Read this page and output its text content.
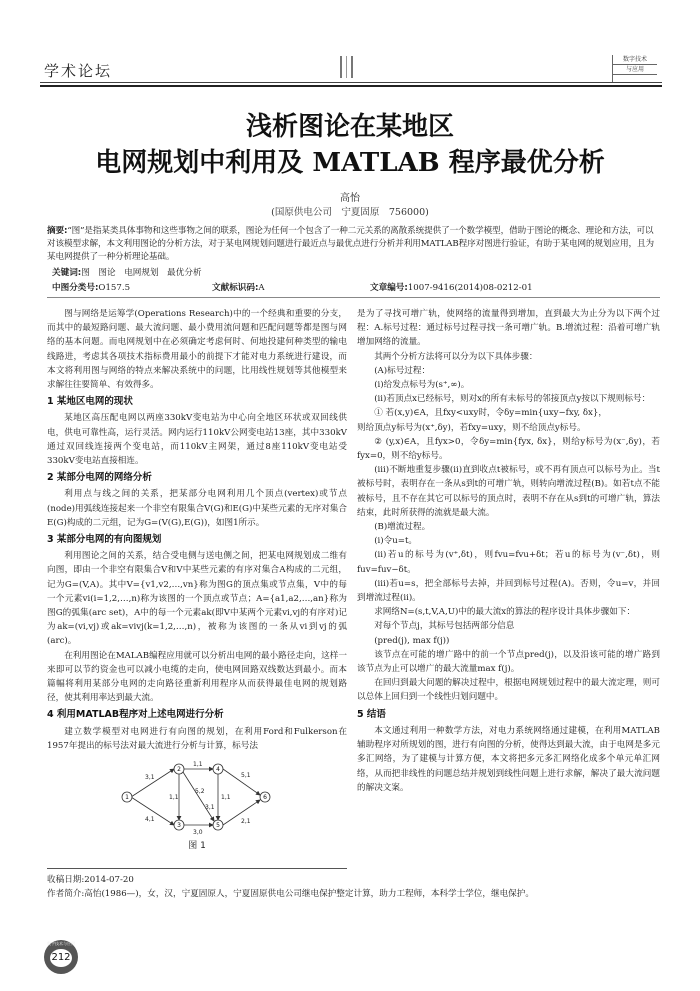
学术论坛
数字技术
与应用
浅析图论在某地区
电网规划中利用及 MATLAB 程序最优分析
高怡
(国原供电公司　宁夏固原　756000)
摘要:“图”是指某类具体事物和这些事物之间的联系，图论为任何一个包含了一种二元关系的离散系统提供了一个数学模型，借助于图论的概念、理论和方法，可以对该模型求解，本文利用图论的分析方法，对于某电网规划问题进行最近点与最优点进行分析并利用MATLAB程序对图进行验证，有助于某电网的规划应用，且为某电网提供了一种分析理论基础。
关键词:图　图论　电网规划　最优分析
中图分类号:O157.5	文献标识码:A	文章编号:1007-9416(2014)08-0212-01

图与网络是运筹学(Operations Research)中的一个经典和重要的分支，而其中的最短路问题、最大流问题、最小费用流问题和匹配问题等都是图与网络的基本问题。而电网规划中在必须确定考虑何时、何地投建何种类型的输电线路进，考虑其各项技术指标费用最小的前提下才能对电力系统进行建设，而本文将利用图与网络的特点来解决系统中的问题，比用线性规划等其他模型来求解往往要简单、有效得多。

1 某地区电网的现状

某地区高压配电网以两座330kV变电站为中心向全地区环状或双回线供电，供电可靠性高，运行灵活。网内运行110kV公网变电站13座，其中330kV通过双回线连接两个变电站，而110kV主网架，通过8座110kV变电站受330kV变电站直接相连。

2 某部分电网的网络分析

利用点与线之间的关系，把某部分电网利用几个顶点(vertex)或节点(node)用弧线连接起来一个非空有限集合V(G)和E(G)中某些元素的无序对集合E(G)构成的二元组，记为G=(V(G),E(G))，如图1所示。

3 某部分电网的有向图规划

利用图论之间的关系，结合受电侧与送电侧之间，把某电网规划成二维有向图，即由一个非空有限集合V和V中某些元素的有序对集合A构成的二元组，记为G=(V,A)。其中V={v1,v2,…,vn}称为图G的顶点集或节点集，V中的每一个元素vi(i=1,2,…,n)称为该图的一个顶点或节点；A={a1,a2,…,an}称为图G的弧集(arc set)，A中的每一个元素ak(即V中某两个元素vi,vj的有序对)记为ak=(vi,vj)或ak=vivj(k=1,2,…,n)，被称为该图的一条从vi到vj的弧(arc)。

在利用图论在MALAB编程应用就可以分析出电网的最小路径走向，这样一来即可以节约资金也可以减小电缆的走向，使电网回路双线数达到最小。而本篇幅将利用某部分电网的走向路径重新利用程序从而获得最佳电网的规划路径，使其利用率达到最大流。

4 利用MATLAB程序对上述电网进行分析

建立数学模型对电网进行有向图的规划，在利用Ford和Fulkerson在1957年提出的标号法对最大流进行分析与计算，标号法

3,1
4,1
1,1
3,0
1,1
5,2
1,1
5,1
2,1
3,1
1
2
3
4
5
6
图 1

是为了寻找可增广轨，使网络的流量得到增加，直到最大为止分为以下两个过程：A.标号过程：通过标号过程寻找一条可增广轨。B.增流过程：沿着可增广轨增加网络的流量。

其两个分析方法将可以分为以下具体步骤：

(A)标号过程：

(i)给发点标号为(s⁺,∞)。

(ii)若顶点x已经标号，则对x的所有未标号的邻接顶点y按以下规则标号：

① 若(x,y)∈A，且fxy<uxy时，令δy=min{uxy−fxy, δx}，

则给顶点y标号为(x⁺,δy)，若fxy=uxy，则不给顶点y标号。

② (y,x)∈A，且fyx>0，令δy=min{fyx, δx}，则给y标号为(x⁻,δy)，若fyx=0，则不给y标号。

(iii)不断地重复步骤(ii)直到收点t被标号，或不再有顶点可以标号为止。当t被标号时，表明存在一条从s到t的可增广轨，则转向增流过程(B)。如若t点不能被标号，且不存在其它可以标号的顶点时，表明不存在从s到t的可增广轨，算法结束，此时所获得的流就是最大流。

(B)增流过程。

(i)令u=t。

(ii)若u的标号为(v⁺,δt)，则fvu=fvu+δt；若u的标号为(v⁻,δt)，则fuv=fuv−δt。

(iii)若u=s，把全部标号去掉，并回到标号过程(A)。否则，令u=v，并回到增流过程(ii)。

求网络N=(s,t,V,A,U)中的最大流x的算法的程序设计具体步骤如下：

对每个节点j，其标号包括两部分信息

(pred(j), max f(j))

该节点在可能的增广路中的前一个节点pred(j)，以及沿该可能的增广路到该节点为止可以增广的最大流量max f(j)。

在回归到最大问题的解决过程中，根据电网规划过程中的最大流定理，则可以总体上回归到一个线性归划问题中。

5 结语

本文通过利用一种数学方法，对电力系统网络通过建模，在利用MATLAB辅助程序对所规划的图，进行有向图的分析，使得达到最大流，由于电网是多元多汇网络，为了建模与计算方便，本文将把多元多汇网络化成多个单元单汇网络，从而把非线性的问题总结并规划到线性问题上进行求解，解决了最大流问题的解决文案。

收稿日期:2014-07-20
作者简介:高怡(1986—)，女，汉，宁夏固原人，宁夏固原供电公司继电保护整定计算，助力工程师，本科学士学位，继电保护。
数字技术与应用
212
